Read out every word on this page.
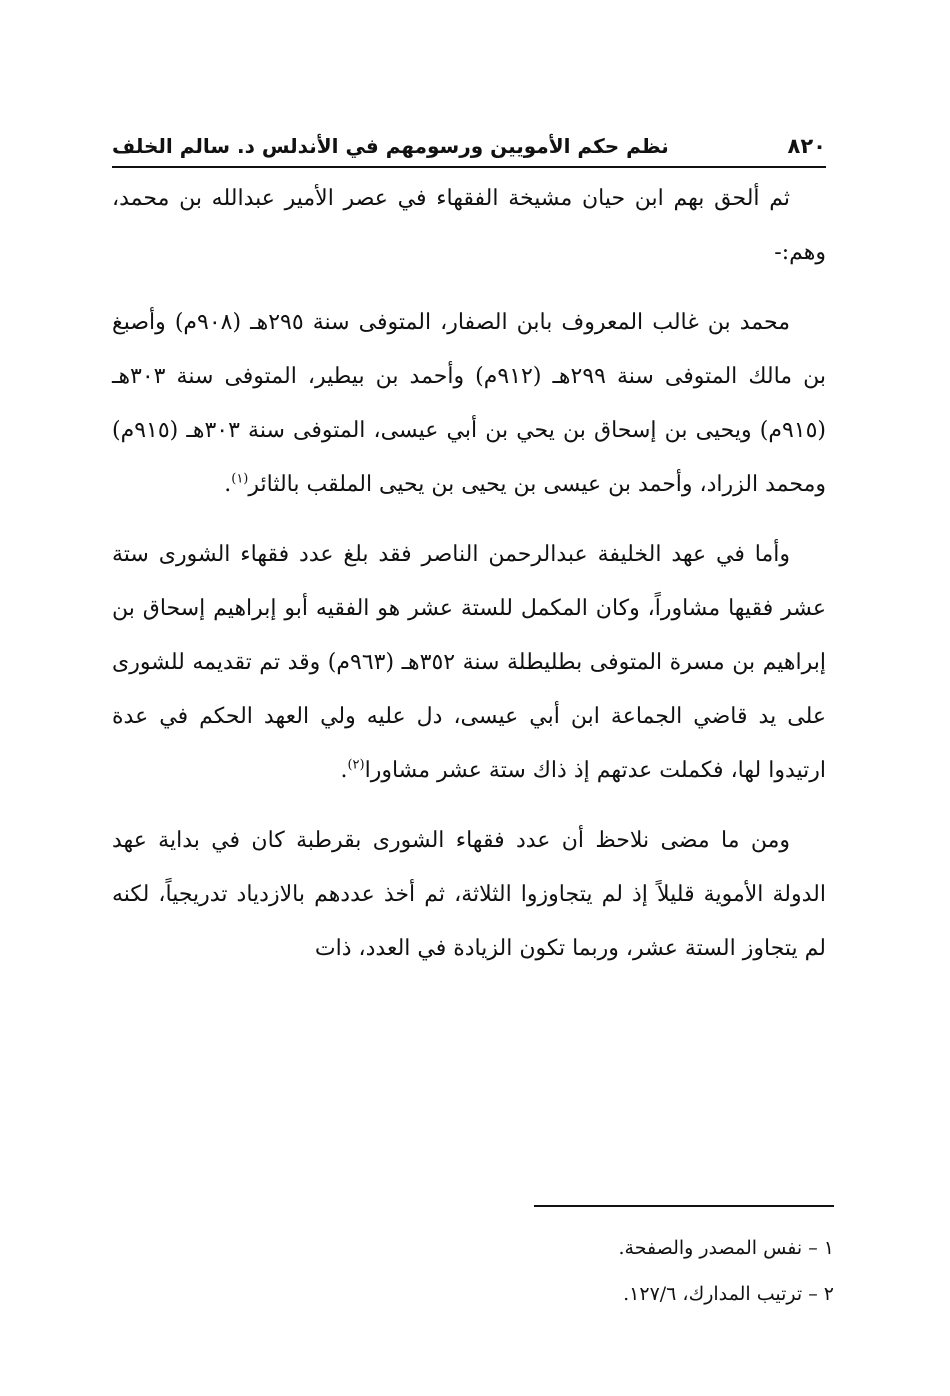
٨٢٠
نظم حكم الأمويين ورسومهم في الأندلس د. سالم الخلف

ثم ألحق بهم ابن حيان مشيخة الفقهاء في عصر الأمير عبدالله بن محمد، وهم:-

محمد بن غالب المعروف بابن الصفار، المتوفى سنة ٢٩٥هـ (٩٠٨م) وأصبغ بن مالك المتوفى سنة ٢٩٩هـ (٩١٢م) وأحمد بن بيطير، المتوفى سنة ٣٠٣هـ (٩١٥م) ويحيى بن إسحاق بن يحي بن أبي عيسى، المتوفى سنة ٣٠٣هـ (٩١٥م) ومحمد الزراد، وأحمد بن عيسى بن يحيى بن يحيى الملقب بالثائر$^{(١)}$.

وأما في عهد الخليفة عبدالرحمن الناصر فقد بلغ عدد فقهاء الشورى ستة عشر فقيها مشاوراً، وكان المكمل للستة عشر هو الفقيه أبو إبراهيم إسحاق بن إبراهيم بن مسرة المتوفى بطليطلة سنة ٣٥٢هـ (٩٦٣م) وقد تم تقديمه للشورى على يد قاضي الجماعة ابن أبي عيسى، دل عليه ولي العهد الحكم في عدة ارتيدوا لها، فكملت عدتهم إذ ذاك ستة عشر مشاورا$^{(٢)}$.

ومن ما مضى نلاحظ أن عدد فقهاء الشورى بقرطبة كان في بداية عهد الدولة الأموية قليلاً إذ لم يتجاوزوا الثلاثة، ثم أخذ عددهم بالازدياد تدريجياً، لكنه لم يتجاوز الستة عشر، وربما تكون الزيادة في العدد، ذات

١ – نفس المصدر والصفحة.

٢ – ترتيب المدارك، ١٢٧/٦.
